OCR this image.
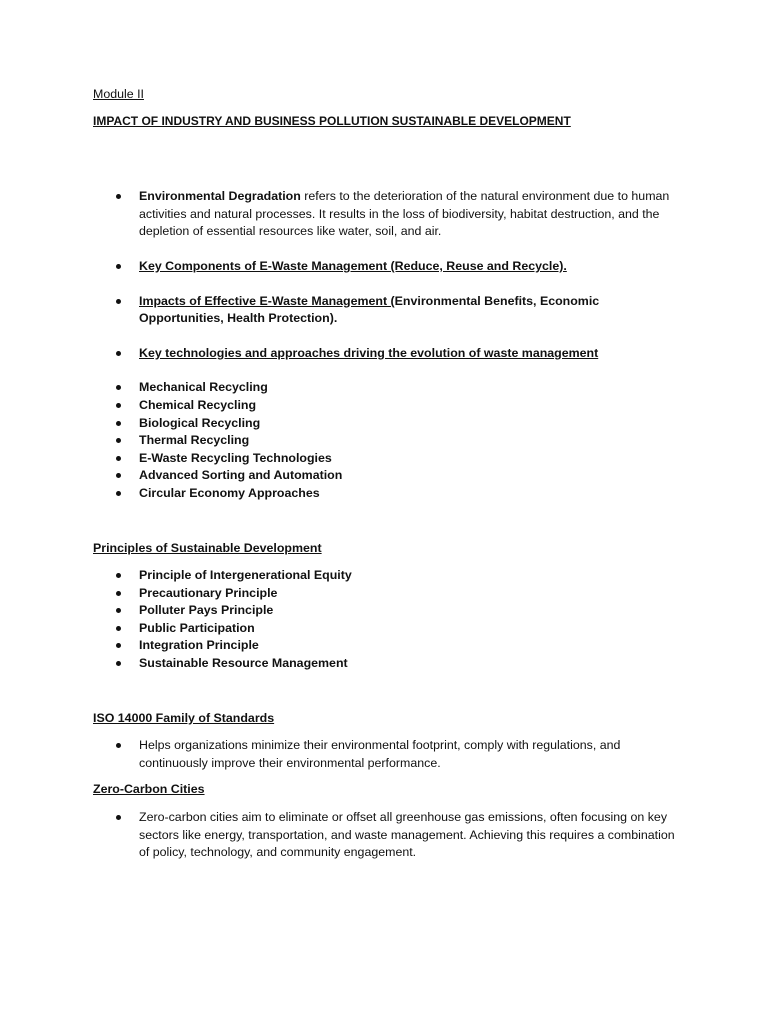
Module II

IMPACT OF INDUSTRY AND BUSINESS POLLUTION SUSTAINABLE DEVELOPMENT

Environmental Degradation refers to the deterioration of the natural environment due to human activities and natural processes. It results in the loss of biodiversity, habitat destruction, and the depletion of essential resources like water, soil, and air.
Key Components of E-Waste Management (Reduce, Reuse and Recycle).
Impacts of Effective E-Waste Management (Environmental Benefits, Economic Opportunities, Health Protection).
Key technologies and approaches driving the evolution of waste management
Mechanical Recycling
Chemical Recycling
Biological Recycling
Thermal Recycling
E-Waste Recycling Technologies
Advanced Sorting and Automation
Circular Economy Approaches

Principles of Sustainable Development

Principle of Intergenerational Equity
Precautionary Principle
Polluter Pays Principle
Public Participation
Integration Principle
Sustainable Resource Management

ISO 14000 Family of Standards

Helps organizations minimize their environmental footprint, comply with regulations, and continuously improve their environmental performance.

Zero-Carbon Cities

Zero-carbon cities aim to eliminate or offset all greenhouse gas emissions, often focusing on key sectors like energy, transportation, and waste management. Achieving this requires a combination of policy, technology, and community engagement.
